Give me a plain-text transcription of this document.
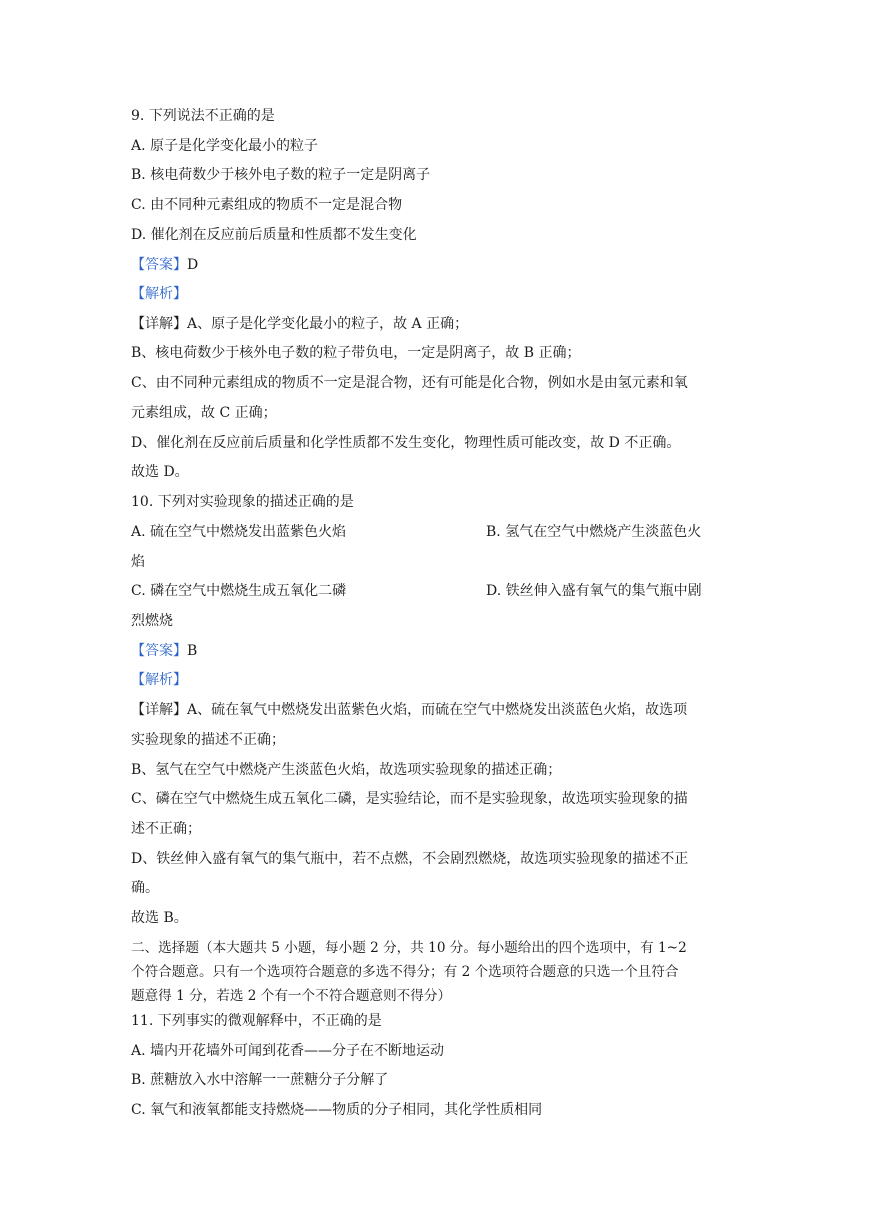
9. 下列说法不正确的是
A. 原子是化学变化最小的粒子
B. 核电荷数少于核外电子数的粒子一定是阴离子
C. 由不同种元素组成的物质不一定是混合物
D. 催化剂在反应前后质量和性质都不发生变化
【答案】D
【解析】
【详解】A、原子是化学变化最小的粒子，故 A 正确；
B、核电荷数少于核外电子数的粒子带负电，一定是阴离子，故 B 正确；
C、由不同种元素组成的物质不一定是混合物，还有可能是化合物，例如水是由氢元素和氧
元素组成，故 C 正确；
D、催化剂在反应前后质量和化学性质都不发生变化，物理性质可能改变，故 D 不正确。
故选 D。
10. 下列对实验现象的描述正确的是
A. 硫在空气中燃烧发出蓝紫色火焰	B. 氢气在空气中燃烧产生淡蓝色火
焰
C. 磷在空气中燃烧生成五氧化二磷	D. 铁丝伸入盛有氧气的集气瓶中剧
烈燃烧
【答案】B
【解析】
【详解】A、硫在氧气中燃烧发出蓝紫色火焰，而硫在空气中燃烧发出淡蓝色火焰，故选项
实验现象的描述不正确；
B、氢气在空气中燃烧产生淡蓝色火焰，故选项实验现象的描述正确；
C、磷在空气中燃烧生成五氧化二磷，是实验结论，而不是实验现象，故选项实验现象的描
述不正确；
D、铁丝伸入盛有氧气的集气瓶中，若不点燃，不会剧烈燃烧，故选项实验现象的描述不正
确。
故选 B。
二、选择题（本大题共 5 小题，每小题 2 分，共 10 分。每小题给出的四个选项中，有 1~2
个符合题意。只有一个选项符合题意的多选不得分；有 2 个选项符合题意的只选一个且符合
题意得 1 分，若选 2 个有一个不符合题意则不得分）
11. 下列事实的微观解释中，不正确的是
A. 墙内开花墙外可闻到花香——分子在不断地运动
B. 蔗糖放入水中溶解一一蔗糖分子分解了
C. 氧气和液氧都能支持燃烧——物质的分子相同，其化学性质相同
